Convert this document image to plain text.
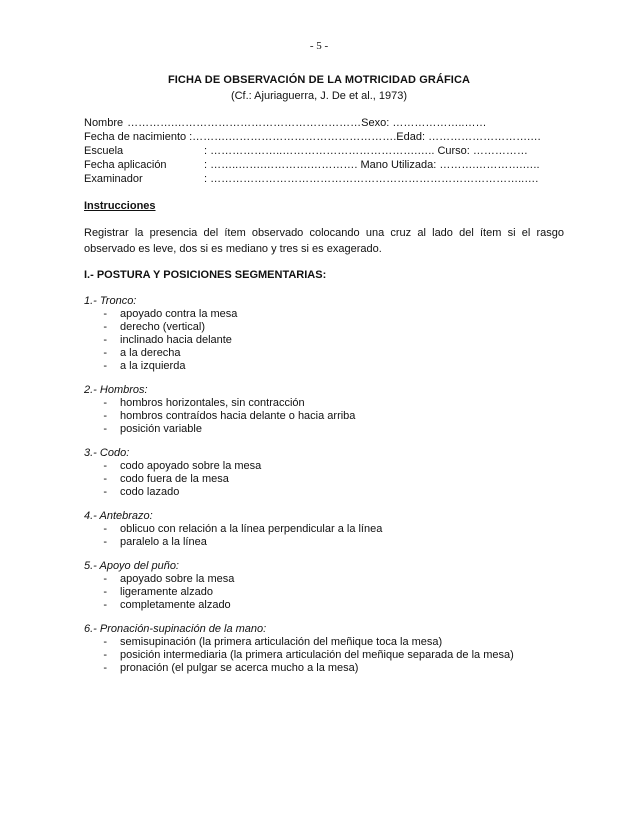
- 5 -
FICHA DE OBSERVACIÓN DE LA MOTRICIDAD GRÁFICA
(Cf.: Ajuriaguerra, J. De et al., 1973)
Nombre ………….……………………………………………Sexo: ………………..……
Fecha de nacimiento :……….……………………………………….Edad: ……………………….…
Escuela	: ………………..……………………………….….. Curso: ……………
Fecha aplicación	: ……..…….………….…………. Mano Utilizada: ……….………….…..
Examinador	: …………………………………………………………………………..….
Instrucciones
Registrar la presencia del ítem observado colocando una cruz al lado del ítem si el rasgo observado es leve, dos si es mediano y tres si es exagerado.
I.- POSTURA Y POSICIONES SEGMENTARIAS:
1.- Tronco:
-	apoyado contra la mesa
-	derecho (vertical)
-	inclinado hacia delante
-	a la derecha
-	a la izquierda
2.- Hombros:
-	hombros horizontales, sin contracción
-	hombros contraídos hacia delante o hacia arriba
-	posición variable
3.- Codo:
-	codo apoyado sobre la mesa
-	codo fuera de la mesa
-	codo lazado
4.- Antebrazo:
-	oblicuo con relación a la línea perpendicular a la línea
-	paralelo a la línea
5.- Apoyo del puño:
-	apoyado sobre la mesa
-	ligeramente alzado
-	completamente alzado
6.- Pronación-supinación de la mano:
-	semisupinación (la primera articulación del meñique toca la mesa)
-	posición intermediaria (la primera articulación del meñique separada de la mesa)
-	pronación (el pulgar se acerca mucho a la mesa)
